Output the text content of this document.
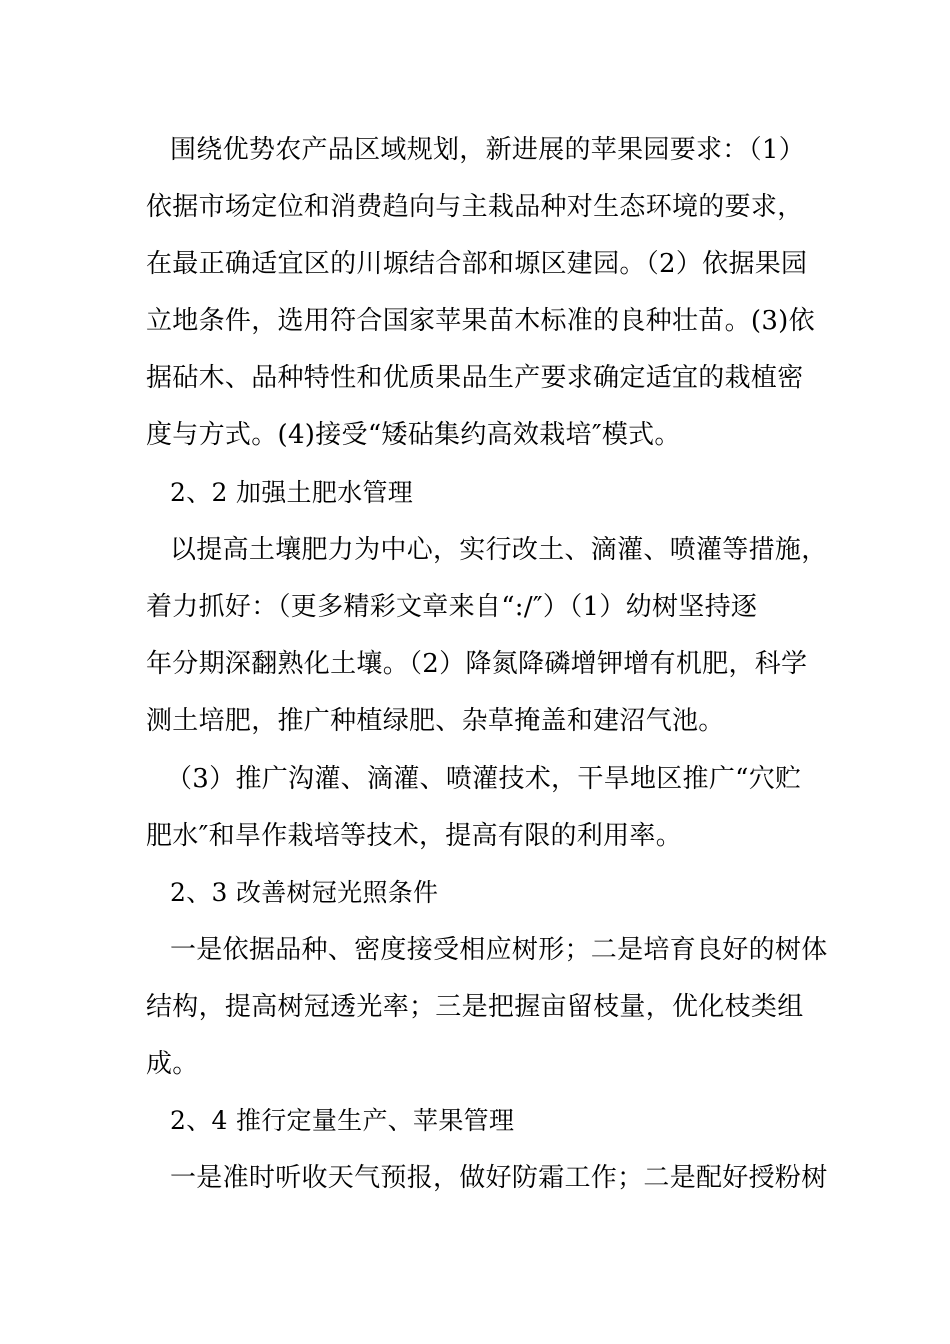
围绕优势农产品区域规划，新进展的苹果园要求：（1）
依据市场定位和消费趋向与主栽品种对生态环境的要求，
在最正确适宜区的川塬结合部和塬区建园。（2）依据果园
立地条件，选用符合国家苹果苗木标准的良种壮苗。(3)依
据砧木、品种特性和优质果品生产要求确定适宜的栽植密
度与方式。(4)接受“矮砧集约高效栽培″模式。
2、2 加强土肥水管理
以提高土壤肥力为中心，实行改土、滴灌、喷灌等措施，
着力抓好：（更多精彩文章来自“:/″）（1）幼树坚持逐
年分期深翻熟化土壤。（2）降氮降磷增钾增有机肥，科学
测土培肥，推广种植绿肥、杂草掩盖和建沼气池。
（3）推广沟灌、滴灌、喷灌技术，干旱地区推广“穴贮
肥水″和旱作栽培等技术，提高有限的利用率。
2、3 改善树冠光照条件
一是依据品种、密度接受相应树形；二是培育良好的树体
结构，提高树冠透光率；三是把握亩留枝量，优化枝类组
成。
2、4 推行定量生产、苹果管理
一是准时听收天气预报，做好防霜工作；二是配好授粉树
